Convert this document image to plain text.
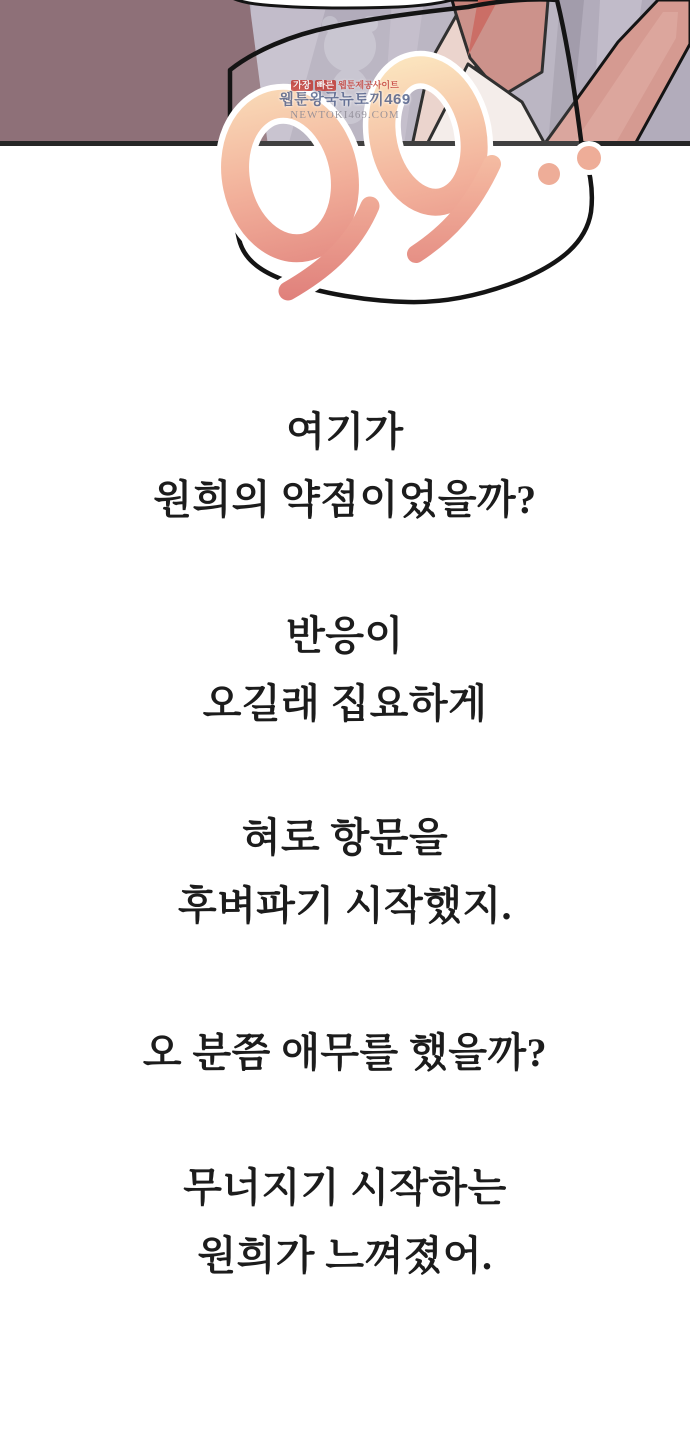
가장 빠른 웹툰제공사이트
웹툰왕국뉴토끼469
NEWTOKI469.COM
여기가
원희의 약점이었을까?
반응이
오길래 집요하게
혀로 항문을
후벼파기 시작했지.
오 분쯤 애무를 했을까?
무너지기 시작하는
원희가 느껴졌어.
